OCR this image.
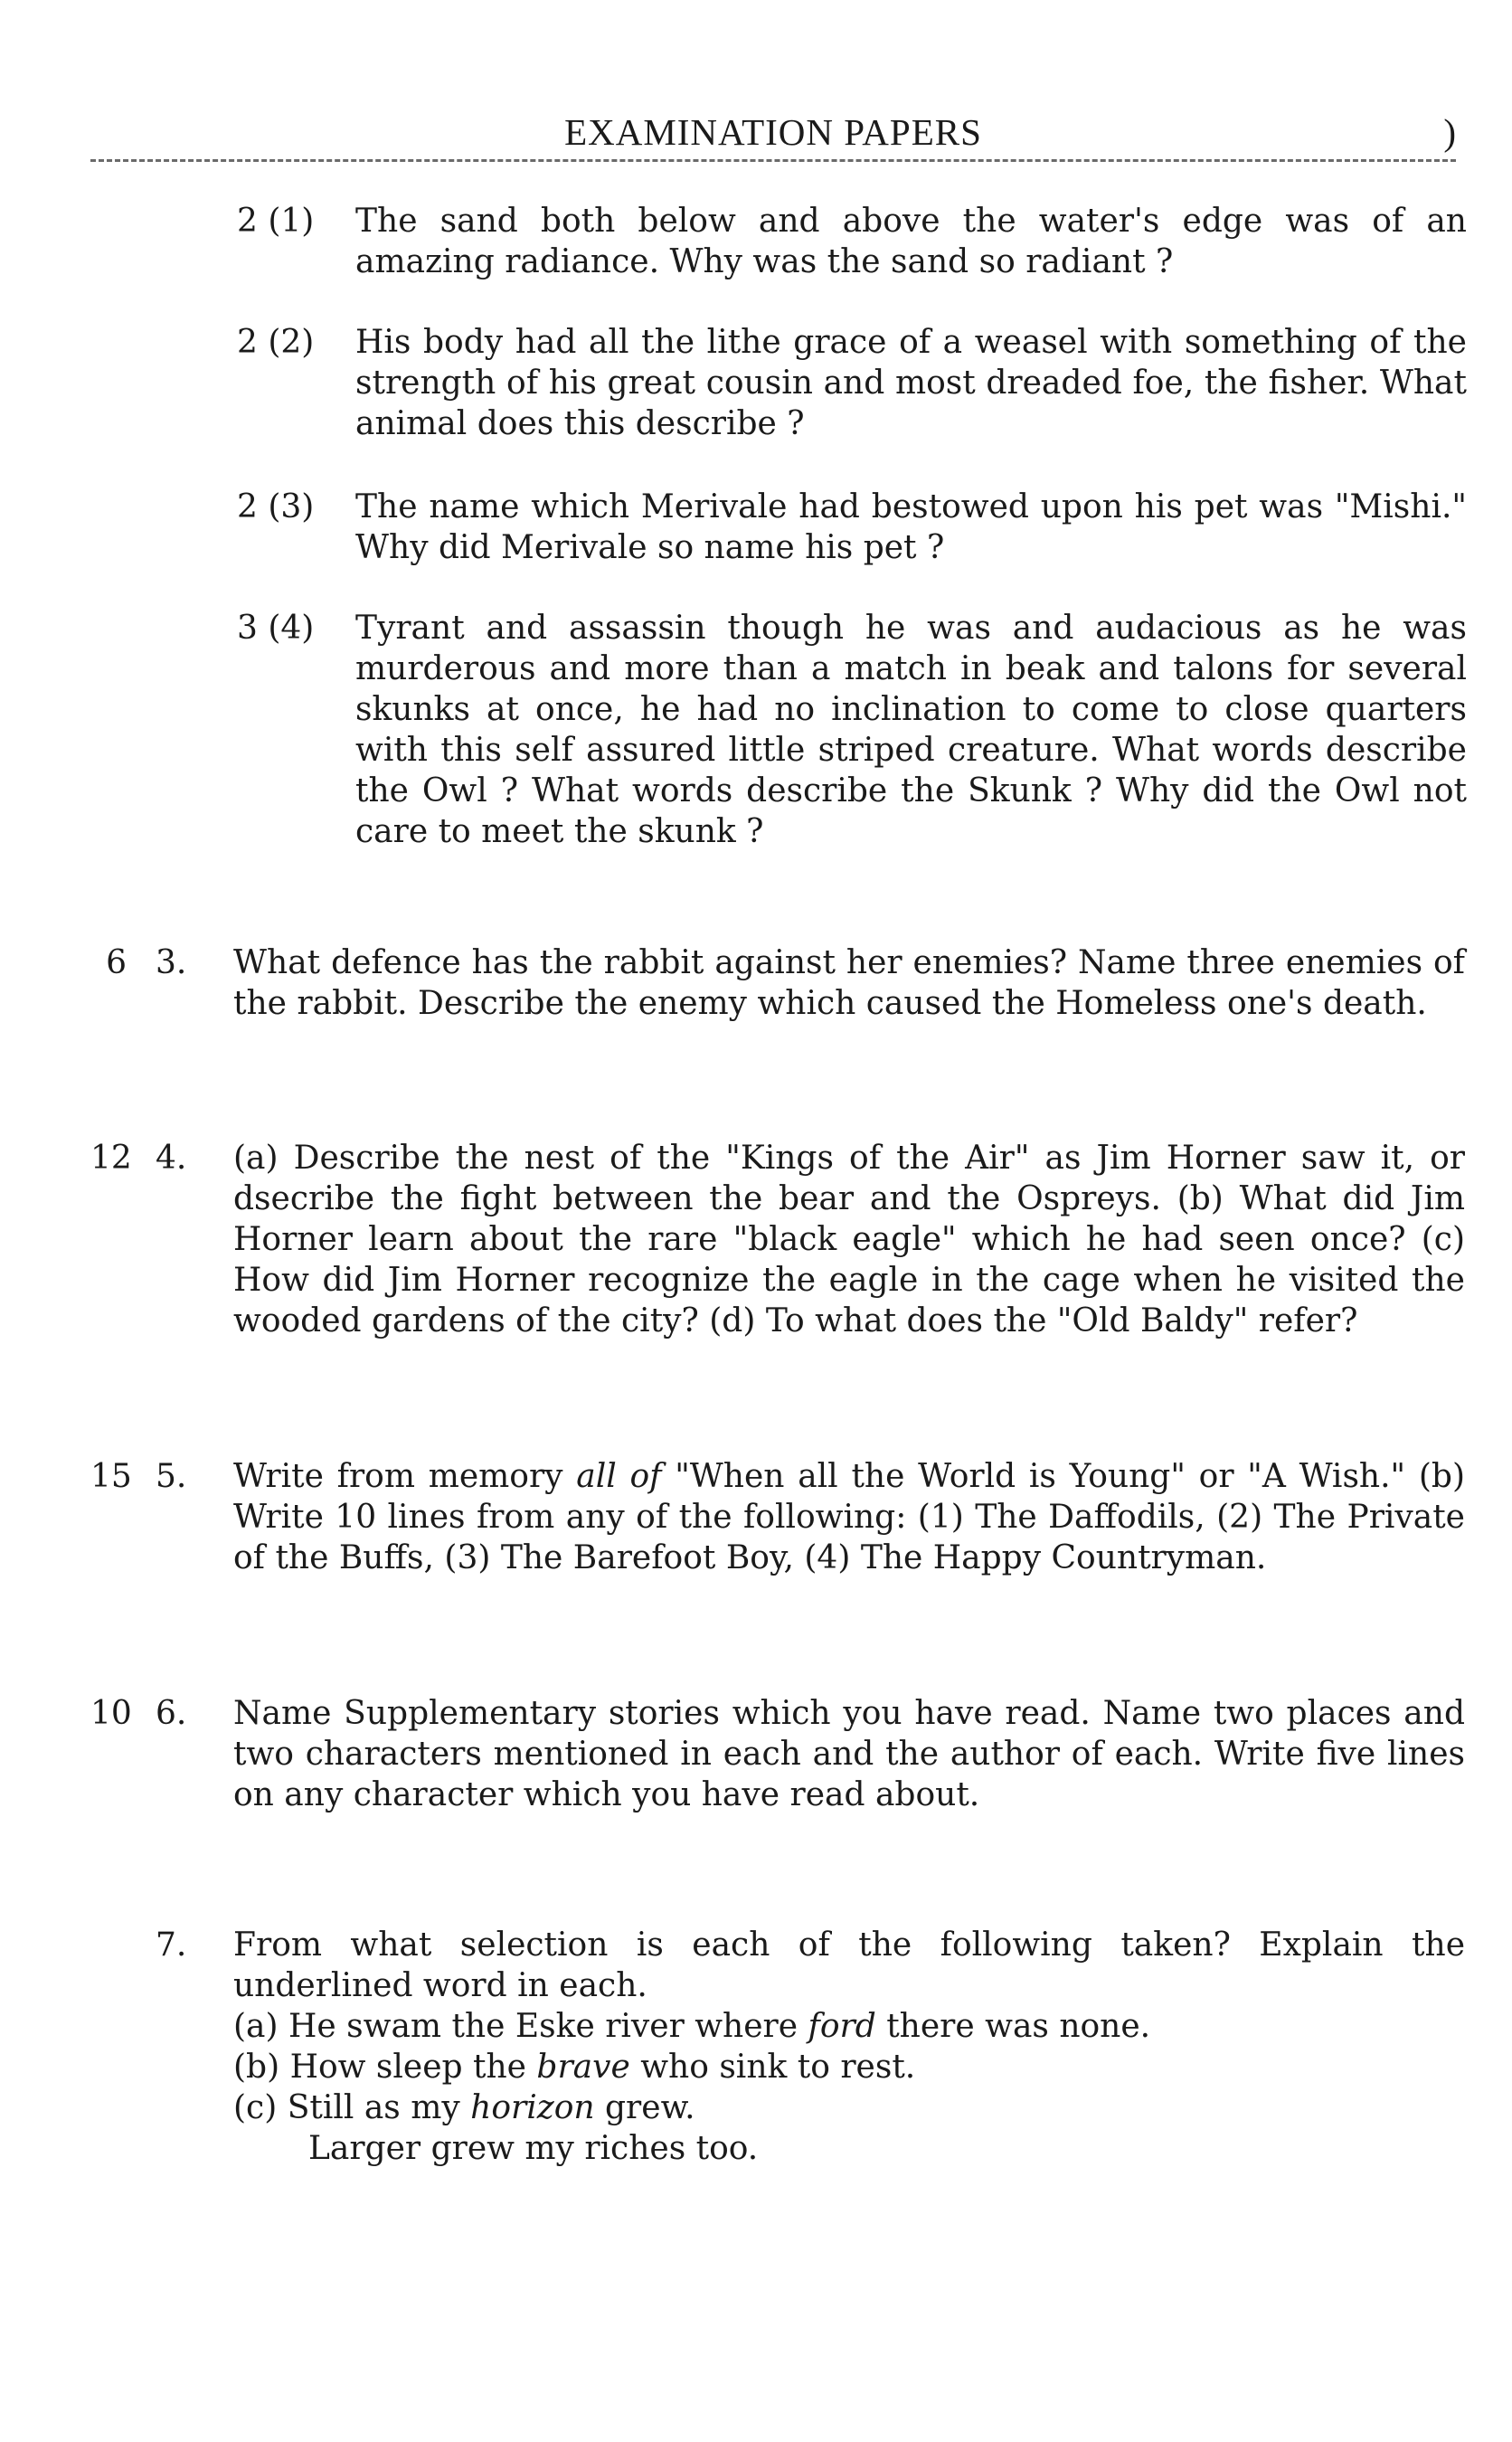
EXAMINATION PAPERS	)
2 (1) The sand both below and above the water's edge was of an amazing radiance. Why was the sand so radiant ?
2 (2) His body had all the lithe grace of a weasel with something of the strength of his great cousin and most dreaded foe, the fisher. What animal does this describe ?
2 (3) The name which Merivale had bestowed upon his pet was "Mishi." Why did Merivale so name his pet ?
3 (4) Tyrant and assassin though he was and audacious as he was murderous and more than a match in beak and talons for several skunks at once, he had no inclination to come to close quarters with this self assured little striped creature. What words describe the Owl ? What words describe the Skunk ? Why did the Owl not care to meet the skunk ?
6 3. What defence has the rabbit against her enemies? Name three enemies of the rabbit. Describe the enemy which caused the Homeless one's death.
12 4. (a) Describe the nest of the "Kings of the Air" as Jim Horner saw it, or dsecribe the fight between the bear and the Ospreys. (b) What did Jim Horner learn about the rare "black eagle" which he had seen once? (c) How did Jim Horner recognize the eagle in the cage when he visited the wooded gardens of the city? (d) To what does the "Old Baldy" refer?
15 5. Write from memory all of "When all the World is Young" or "A Wish." (b) Write 10 lines from any of the following: (1) The Daffodils, (2) The Private of the Buffs, (3) The Barefoot Boy, (4) The Happy Countryman.
10 6. Name Supplementary stories which you have read. Name two places and two characters mentioned in each and the author of each. Write five lines on any character which you have read about.
7. From what selection is each of the following taken? Explain the underlined word in each.
(a) He swam the Eske river where ford there was none.
(b) How sleep the brave who sink to rest.
(c) Still as my horizon grew.
Larger grew my riches too.
